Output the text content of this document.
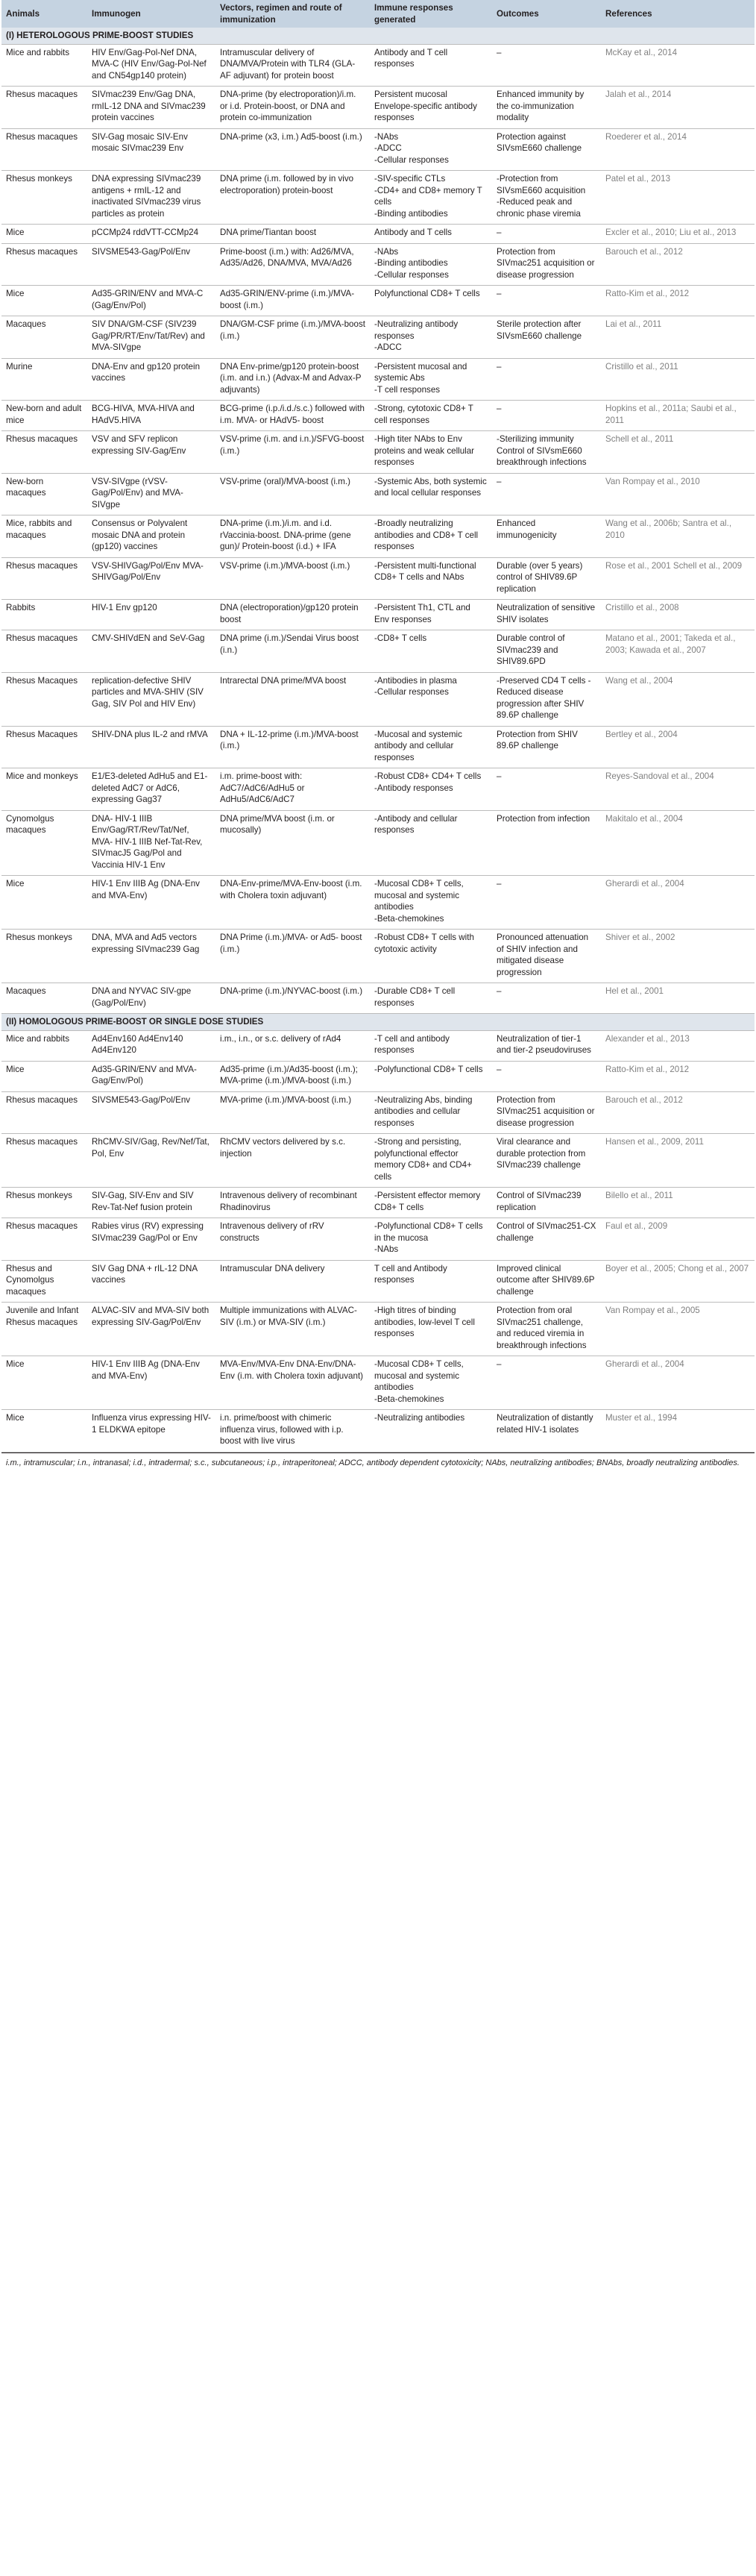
Animals	Immunogen	Vectors, regimen and route of immunization	Immune responses generated	Outcomes	References
(I) HETEROLOGOUS PRIME-BOOST STUDIES					
Mice and rabbits	HIV Env/Gag-Pol-Nef DNA, MVA-C (HIV Env/Gag-Pol-Nef and CN54gp140 protein)	Intramuscular delivery of DNA/MVA/Protein with TLR4 (GLA-AF adjuvant) for protein boost	Antibody and T cell responses	–	McKay et al., 2014
Rhesus macaques	SIVmac239 Env/Gag DNA, rmIL-12 DNA and SIVmac239 protein vaccines	DNA-prime (by electroporation)/i.m. or i.d. Protein-boost, or DNA and protein co-immunization	Persistent mucosal Envelope-specific antibody responses	Enhanced immunity by the co-immunization modality	Jalah et al., 2014
Rhesus macaques	SIV-Gag mosaic SIV-Env mosaic SIVmac239 Env	DNA-prime (x3, i.m.) Ad5-boost (i.m.)	-NAbs
-ADCC
-Cellular responses	Protection against SIVsmE660 challenge	Roederer et al., 2014
Rhesus monkeys	DNA expressing SIVmac239 antigens + rmIL-12 and inactivated SIVmac239 virus particles as protein	DNA prime (i.m. followed by in vivo electroporation) protein-boost	-SIV-specific CTLs
-CD4+ and CD8+ memory T cells
-Binding antibodies	-Protection from SIVsmE660 acquisition
-Reduced peak and chronic phase viremia	Patel et al., 2013
Mice	pCCMp24 rddVTT-CCMp24	DNA prime/Tiantan boost	Antibody and T cells	–	Excler et al., 2010; Liu et al., 2013
Rhesus macaques	SIVSME543-Gag/Pol/Env	Prime-boost (i.m.) with: Ad26/MVA, Ad35/Ad26, DNA/MVA, MVA/Ad26	-NAbs
-Binding antibodies
-Cellular responses	Protection from SIVmac251 acquisition or disease progression	Barouch et al., 2012
Mice	Ad35-GRIN/ENV and MVA-C (Gag/Env/Pol)	Ad35-GRIN/ENV-prime (i.m.)/MVA-boost (i.m.)	Polyfunctional CD8+ T cells	–	Ratto-Kim et al., 2012
Macaques	SIV DNA/GM-CSF (SIV239 Gag/PR/RT/Env/Tat/Rev) and MVA-SIVgpe	DNA/GM-CSF prime (i.m.)/MVA-boost (i.m.)	-Neutralizing antibody responses
-ADCC	Sterile protection after SIVsmE660 challenge	Lai et al., 2011
Murine	DNA-Env and gp120 protein vaccines	DNA Env-prime/gp120 protein-boost (i.m. and i.n.) (Advax-M and Advax-P adjuvants)	-Persistent mucosal and systemic Abs
-T cell responses	–	Cristillo et al., 2011
New-born and adult mice	BCG-HIVA, MVA-HIVA and HAdV5.HIVA	BCG-prime (i.p./i.d./s.c.) followed with i.m. MVA- or HAdV5- boost	-Strong, cytotoxic CD8+ T cell responses	–	Hopkins et al., 2011a; Saubi et al., 2011
Rhesus macaques	VSV and SFV replicon expressing SIV-Gag/Env	VSV-prime (i.m. and i.n.)/SFVG-boost (i.m.)	-High titer NAbs to Env proteins and weak cellular responses	-Sterilizing immunity Control of SIVsmE660 breakthrough infections	Schell et al., 2011
New-born macaques	VSV-SIVgpe (rVSV-Gag/Pol/Env) and MVA-SIVgpe	VSV-prime (oral)/MVA-boost (i.m.)	-Systemic Abs, both systemic and local cellular responses	–	Van Rompay et al., 2010
Mice, rabbits and macaques	Consensus or Polyvalent mosaic DNA and protein (gp120) vaccines	DNA-prime (i.m.)/i.m. and i.d. rVaccinia-boost. DNA-prime (gene gun)/ Protein-boost (i.d.) + IFA	-Broadly neutralizing antibodies and CD8+ T cell responses	Enhanced immunogenicity	Wang et al., 2006b; Santra et al., 2010
Rhesus macaques	VSV-SHIVGag/Pol/Env MVA-SHIVGag/Pol/Env	VSV-prime (i.m.)/MVA-boost (i.m.)	-Persistent multi-functional CD8+ T cells and NAbs	Durable (over 5 years) control of SHIV89.6P replication	Rose et al., 2001 Schell et al., 2009
Rabbits	HIV-1 Env gp120	DNA (electroporation)/gp120 protein boost	-Persistent Th1, CTL and Env responses	Neutralization of sensitive SHIV isolates	Cristillo et al., 2008
Rhesus macaques	CMV-SHIVdEN and SeV-Gag	DNA prime (i.m.)/Sendai Virus boost (i.n.)	-CD8+ T cells	Durable control of SIVmac239 and SHIV89.6PD	Matano et al., 2001; Takeda et al., 2003; Kawada et al., 2007
Rhesus Macaques	replication-defective SHIV particles and MVA-SHIV (SIV Gag, SIV Pol and HIV Env)	Intrarectal DNA prime/MVA boost	-Antibodies in plasma
-Cellular responses	-Preserved CD4 T cells -Reduced disease progression after SHIV 89.6P challenge	Wang et al., 2004
Rhesus Macaques	SHIV-DNA plus IL-2 and rMVA	DNA + IL-12-prime (i.m.)/MVA-boost (i.m.)	-Mucosal and systemic antibody and cellular responses	Protection from SHIV 89.6P challenge	Bertley et al., 2004
Mice and monkeys	E1/E3-deleted AdHu5 and E1-deleted AdC7 or AdC6, expressing Gag37	i.m. prime-boost with: AdC7/AdC6/AdHu5 or AdHu5/AdC6/AdC7	-Robust CD8+ CD4+ T cells
-Antibody responses	–	Reyes-Sandoval et al., 2004
Cynomolgus macaques	DNA- HIV-1 IIIB Env/Gag/RT/Rev/Tat/Nef, MVA- HIV-1 IIIB Nef-Tat-Rev, SIVmacJ5 Gag/Pol and Vaccinia HIV-1 Env	DNA prime/MVA boost (i.m. or mucosally)	-Antibody and cellular responses	Protection from infection	Makitalo et al., 2004
Mice	HIV-1 Env IIIB Ag (DNA-Env and MVA-Env)	DNA-Env-prime/MVA-Env-boost (i.m. with Cholera toxin adjuvant)	-Mucosal CD8+ T cells, mucosal and systemic antibodies
-Beta-chemokines	–	Gherardi et al., 2004
Rhesus monkeys	DNA, MVA and Ad5 vectors expressing SIVmac239 Gag	DNA Prime (i.m.)/MVA- or Ad5- boost (i.m.)	-Robust CD8+ T cells with cytotoxic activity	Pronounced attenuation of SHIV infection and mitigated disease progression	Shiver et al., 2002
Macaques	DNA and NYVAC SIV-gpe (Gag/Pol/Env)	DNA-prime (i.m.)/NYVAC-boost (i.m.)	-Durable CD8+ T cell responses	–	Hel et al., 2001
(II) HOMOLOGOUS PRIME-BOOST OR SINGLE DOSE STUDIES					
Mice and rabbits	Ad4Env160 Ad4Env140 Ad4Env120	i.m., i.n., or s.c. delivery of rAd4	-T cell and antibody responses	Neutralization of tier-1 and tier-2 pseudoviruses	Alexander et al., 2013
Mice	Ad35-GRIN/ENV and MVA- Gag/Env/Pol)	Ad35-prime (i.m.)/Ad35-boost (i.m.); MVA-prime (i.m.)/MVA-boost (i.m.)	-Polyfunctional CD8+ T cells	–	Ratto-Kim et al., 2012
Rhesus macaques	SIVSME543-Gag/Pol/Env	MVA-prime (i.m.)/MVA-boost (i.m.)	-Neutralizing Abs, binding antibodies and cellular responses	Protection from SIVmac251 acquisition or disease progression	Barouch et al., 2012
Rhesus macaques	RhCMV-SIV/Gag, Rev/Nef/Tat, Pol, Env	RhCMV vectors delivered by s.c. injection	-Strong and persisting, polyfunctional effector memory CD8+ and CD4+ cells	Viral clearance and durable protection from SIVmac239 challenge	Hansen et al., 2009, 2011
Rhesus monkeys	SIV-Gag, SIV-Env and SIV Rev-Tat-Nef fusion protein	Intravenous delivery of recombinant Rhadinovirus	-Persistent effector memory CD8+ T cells	Control of SIVmac239 replication	Bilello et al., 2011
Rhesus macaques	Rabies virus (RV) expressing SIVmac239 Gag/Pol or Env	Intravenous delivery of rRV constructs	-Polyfunctional CD8+ T cells in the mucosa
-NAbs	Control of SIVmac251-CX challenge	Faul et al., 2009
Rhesus and Cynomolgus macaques	SIV Gag DNA + rIL-12 DNA vaccines	Intramuscular DNA delivery	T cell and Antibody responses	Improved clinical outcome after SHIV89.6P challenge	Boyer et al., 2005; Chong et al., 2007
Juvenile and Infant Rhesus macaques	ALVAC-SIV and MVA-SIV both expressing SIV-Gag/Pol/Env	Multiple immunizations with ALVAC-SIV (i.m.) or MVA-SIV (i.m.)	-High titres of binding antibodies, low-level T cell responses	Protection from oral SIVmac251 challenge, and reduced viremia in breakthrough infections	Van Rompay et al., 2005
Mice	HIV-1 Env IIIB Ag (DNA-Env and MVA-Env)	MVA-Env/MVA-Env DNA-Env/DNA-Env (i.m. with Cholera toxin adjuvant)	-Mucosal CD8+ T cells, mucosal and systemic antibodies
-Beta-chemokines	–	Gherardi et al., 2004
Mice	Influenza virus expressing HIV-1 ELDKWA epitope	i.n. prime/boost with chimeric influenza virus, followed with i.p. boost with live virus	-Neutralizing antibodies	Neutralization of distantly related HIV-1 isolates	Muster et al., 1994
i.m., intramuscular; i.n., intranasal; i.d., intradermal; s.c., subcutaneous; i.p., intraperitoneal; ADCC, antibody dependent cytotoxicity; NAbs, neutralizing antibodies; BNAbs, broadly neutralizing antibodies.
